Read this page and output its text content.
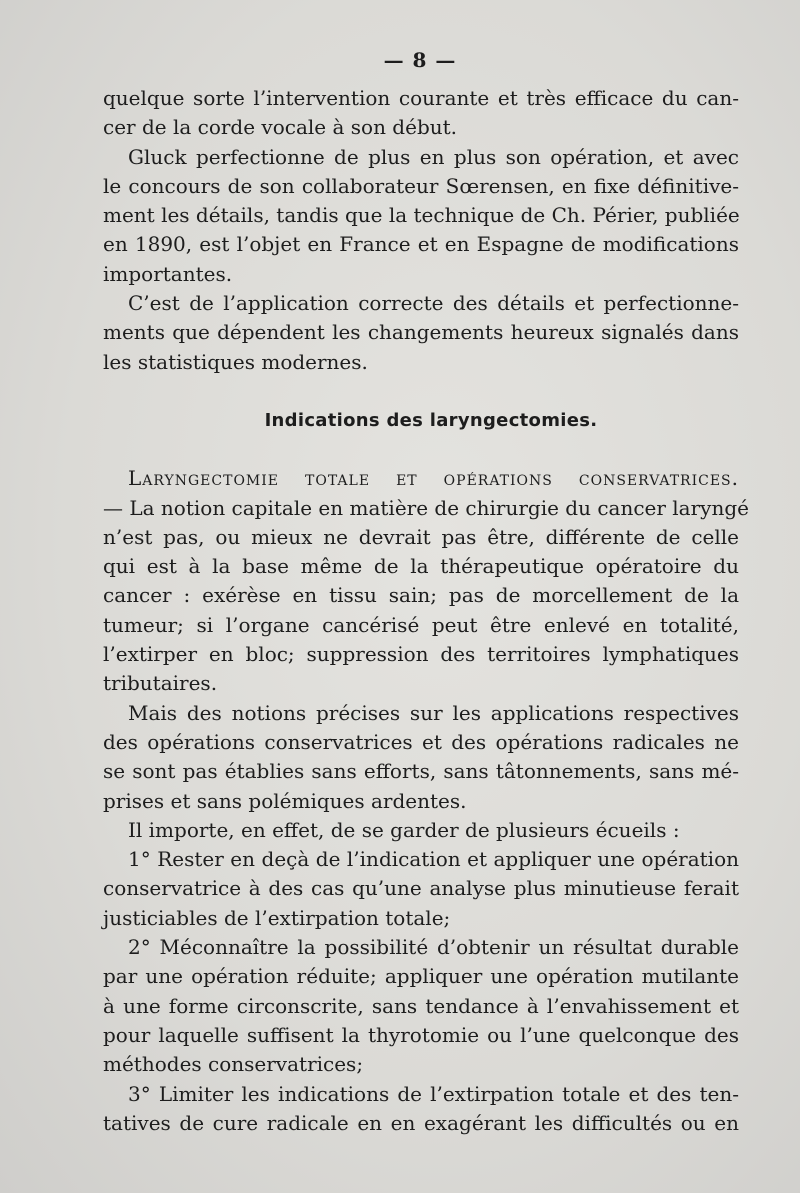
— 8 —
quelque sorte l’intervention courante et très efficace du can-
cer de la corde vocale à son début.
Gluck perfectionne de plus en plus son opération, et avec
le concours de son collaborateur Sœrensen, en fixe définitive-
ment les détails, tandis que la technique de Ch. Périer, publiée
en 1890, est l’objet en France et en Espagne de modifications
importantes.
C’est de l’application correcte des détails et perfectionne-
ments que dépendent les changements heureux signalés dans
les statistiques modernes.
Indications des laryngectomies.
Laryngectomie totale et opérations conservatrices.
— La notion capitale en matière de chirurgie du cancer laryngé
n’est pas, ou mieux ne devrait pas être, différente de celle
qui est à la base même de la thérapeutique opératoire du
cancer : exérèse en tissu sain; pas de morcellement de la
tumeur; si l’organe cancérisé peut être enlevé en totalité,
l’extirper en bloc; suppression des territoires lymphatiques
tributaires.
Mais des notions précises sur les applications respectives
des opérations conservatrices et des opérations radicales ne
se sont pas établies sans efforts, sans tâtonnements, sans mé-
prises et sans polémiques ardentes.
Il importe, en effet, de se garder de plusieurs écueils :
1° Rester en deçà de l’indication et appliquer une opération
conservatrice à des cas qu’une analyse plus minutieuse ferait
justiciables de l’extirpation totale;
2° Méconnaître la possibilité d’obtenir un résultat durable
par une opération réduite; appliquer une opération mutilante
à une forme circonscrite, sans tendance à l’envahissement et
pour laquelle suffisent la thyrotomie ou l’une quelconque des
méthodes conservatrices;
3° Limiter les indications de l’extirpation totale et des ten-
tatives de cure radicale en en exagérant les difficultés ou en
